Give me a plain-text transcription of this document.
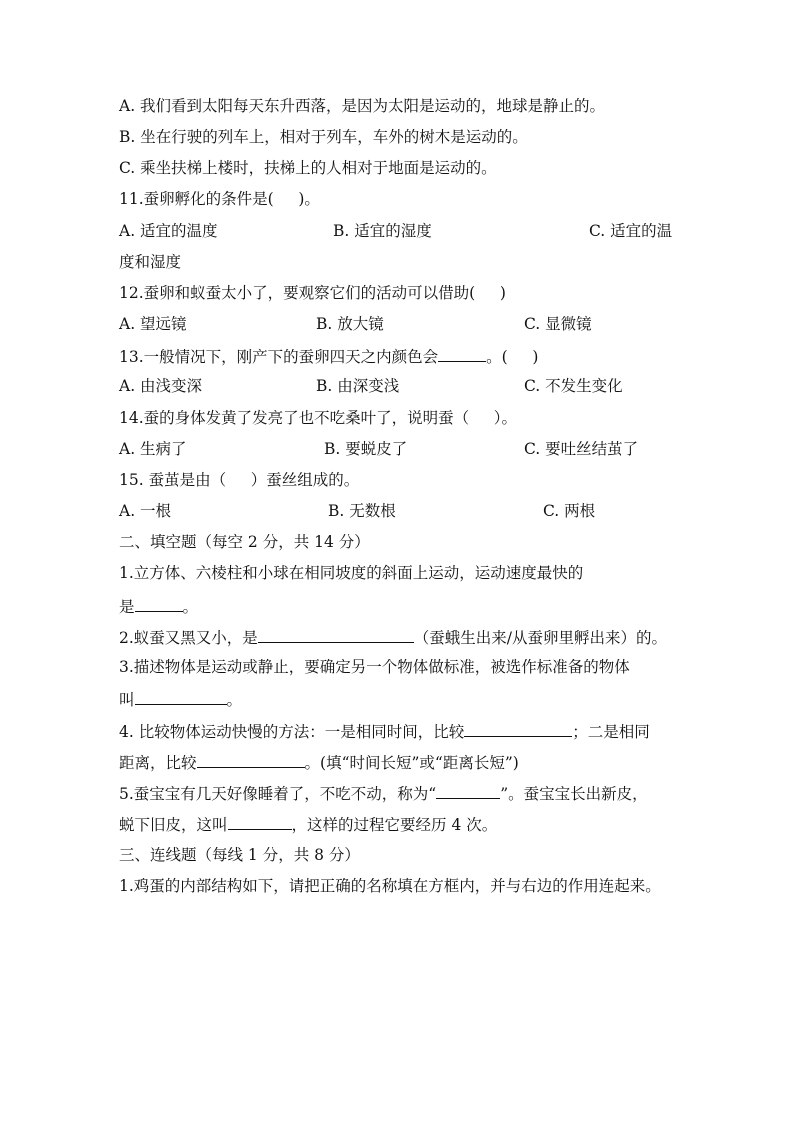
A. 我们看到太阳每天东升西落，是因为太阳是运动的，地球是静止的。
B. 坐在行驶的列车上，相对于列车，车外的树木是运动的。
C. 乘坐扶梯上楼时，扶梯上的人相对于地面是运动的。
11.蚕卵孵化的条件是(     )。
A. 适宜的温度	B. 适宜的湿度	C. 适宜的温
度和湿度
12.蚕卵和蚁蚕太小了，要观察它们的活动可以借助(     )
A. 望远镜	B. 放大镜	C. 显微镜
13.一般情况下，刚产下的蚕卵四天之内颜色会	。(     )
A. 由浅变深	B. 由深变浅	C. 不发生变化
14.蚕的身体发黄了发亮了也不吃桑叶了，说明蚕（     ）。
A. 生病了	B. 要蜕皮了	C. 要吐丝结茧了
15. 蚕茧是由（     ）蚕丝组成的。
A. 一根	B. 无数根	C. 两根
二、填空题（每空 2 分，共 14 分）
1.立方体、六棱柱和小球在相同坡度的斜面上运动，运动速度最快的
是	。
2.蚁蚕又黑又小，是	（蚕蛾生出来/从蚕卵里孵出来）的。
3.描述物体是运动或静止，要确定另一个物体做标准，被选作标准备的物体
叫	。
4. 比较物体运动快慢的方法：一是相同时间，比较	；二是相同
距离，比较	。(填“时间长短”或“距离长短”)
5.蚕宝宝有几天好像睡着了，不吃不动，称为“	”。蚕宝宝长出新皮，
蜕下旧皮，这叫	，这样的过程它要经历 4 次。
三、连线题（每线 1 分，共 8 分）
1.鸡蛋的内部结构如下，请把正确的名称填在方框内，并与右边的作用连起来。
